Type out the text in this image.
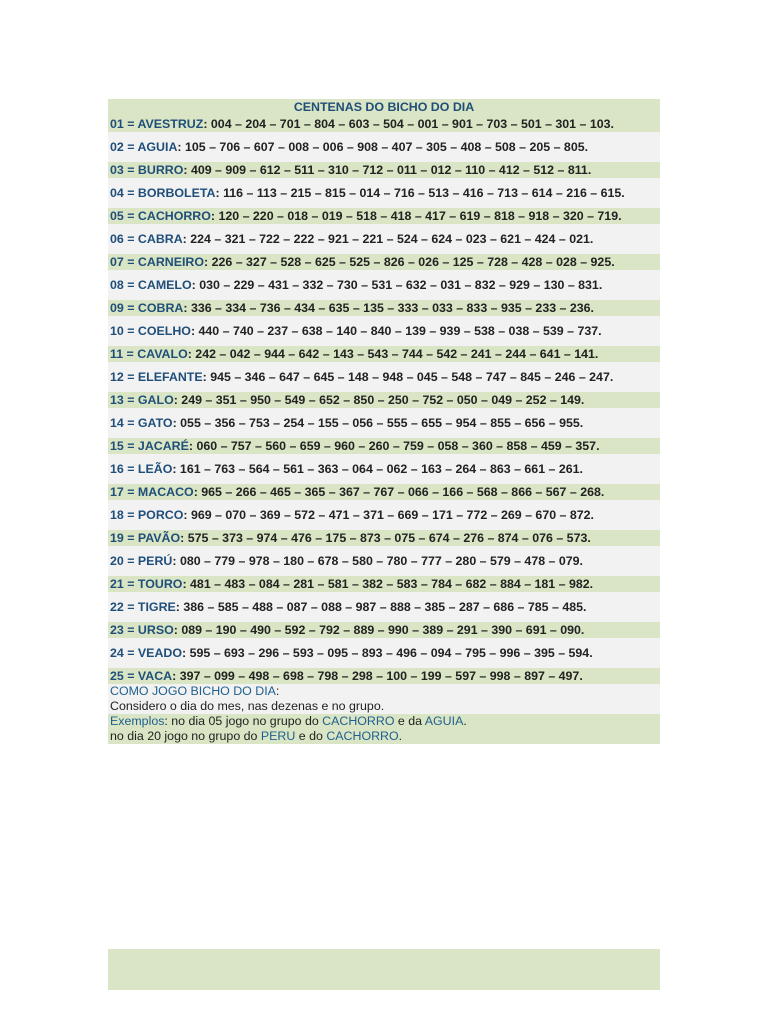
CENTENAS DO BICHO DO DIA
01 = AVESTRUZ : 004 – 204 – 701 – 804 – 603 – 504 – 001 – 901 – 703 – 501 – 301 – 103.
02 = AGUIA : 105 – 706 – 607 – 008 – 006 – 908 – 407 – 305 – 408 – 508 – 205 – 805.
03 = BURRO : 409 – 909 – 612 – 511 – 310 – 712 – 011 – 012 – 110 – 412 – 512 – 811.
04 = BORBOLETA : 116 – 113 – 215 – 815 – 014 – 716 – 513 – 416 – 713 – 614 – 216 – 615.
05 = CACHORRO : 120 – 220 – 018 – 019 – 518 – 418 – 417 – 619 – 818 – 918 – 320 – 719.
06 = CABRA : 224 – 321 – 722 – 222 – 921 – 221 – 524 – 624 – 023 – 621 – 424 – 021.
07 = CARNEIRO : 226 – 327 – 528 – 625 – 525 – 826 – 026 – 125 – 728 – 428 – 028 – 925.
08 = CAMELO : 030 – 229 – 431 – 332 – 730 – 531 – 632 – 031 – 832 – 929 – 130 – 831.
09 = COBRA : 336 – 334 – 736 – 434 – 635 – 135 – 333 – 033 – 833 – 935 – 233 – 236.
10 = COELHO : 440 – 740 – 237 – 638 – 140 – 840 – 139 – 939 – 538 – 038 – 539 – 737.
11 = CAVALO : 242 – 042 – 944 – 642 – 143 – 543 – 744 – 542 – 241 – 244 – 641 – 141.
12 = ELEFANTE : 945 – 346 – 647 – 645 – 148 – 948 – 045 – 548 – 747 – 845 – 246 – 247.
13 = GALO : 249 – 351 – 950 – 549 – 652 – 850 – 250 – 752 – 050 – 049 – 252 – 149.
14 = GATO : 055 – 356 – 753 – 254 – 155 – 056 – 555 – 655 – 954 – 855 – 656 – 955.
15 = JACARÉ : 060 – 757 – 560 – 659 – 960 – 260 – 759 – 058 – 360 – 858 – 459 – 357.
16 = LEÃO : 161 – 763 – 564 – 561 – 363 – 064 – 062 – 163 – 264 – 863 – 661 – 261.
17 = MACACO : 965 – 266 – 465 – 365 – 367 – 767 – 066 – 166 – 568 – 866 – 567 – 268.
18 = PORCO : 969 – 070 – 369 – 572 – 471 – 371 – 669 – 171 – 772 – 269 – 670 – 872.
19 = PAVÃO : 575 – 373 – 974 – 476 – 175 – 873 – 075 – 674 – 276 – 874 – 076 – 573.
20 = PERÚ : 080 – 779 – 978 – 180 – 678 – 580 – 780 – 777 – 280 – 579 – 478 – 079.
21 = TOURO : 481 – 483 – 084 – 281 – 581 – 382 – 583 – 784 – 682 – 884 – 181 – 982.
22 = TIGRE : 386 – 585 – 488 – 087 – 088 – 987 – 888 – 385 – 287 – 686 – 785 – 485.
23 = URSO : 089 – 190 – 490 – 592 – 792 – 889 – 990 – 389 – 291 – 390 – 691 – 090.
24 = VEADO : 595 – 693 – 296 – 593 – 095 – 893 – 496 – 094 – 795 – 996 – 395 – 594.
25 = VACA : 397 – 099 – 498 – 698 – 798 – 298 – 100 – 199 – 597 – 998 – 897 – 497.
COMO JOGO BICHO DO DIA:
Considero o dia do mes, nas dezenas e no grupo.
Exemplos: no dia 05 jogo no grupo do CACHORRO e da AGUIA.
no dia 20 jogo no grupo do PERU e do CACHORRO.
